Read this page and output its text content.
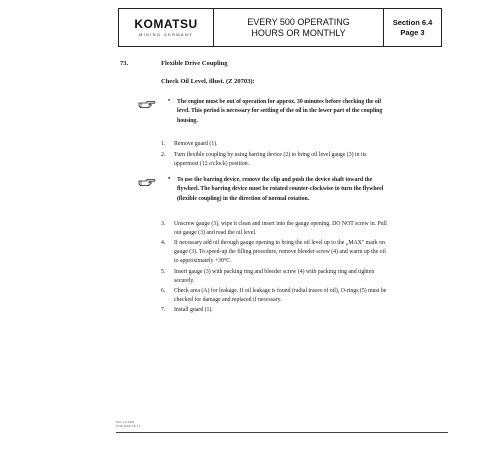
KOMATSU
MINING GERMANY
EVERY 500 OPERATING
HOURS OR MONTHLY
Section 6.4
Page 3
73.	Flexible Drive Coupling
Check Oil Level, illust. (Z 20703):
•	The engine must be out of operation for approx. 30 minutes before checking the oil level. This period is necessary for settling of the oil in the lower part of the coupling housing.
1.	Remove guard (1).
2.	Turn flexible coupling by using barring device (2) to bring oil level gauge (3) in its uppermost (12 o'clock) position.
•	To use the barring device, remove the clip and push the device shaft toward the flywheel. The barring device must be rotated counter-clockwise to turn the flywheel (flexible coupling) in the direction of normal rotation.
3.	Unscrew gauge (3), wipe it clean and insert into the gauge opening. DO NOT screw in. Pull out gauge (3) and read the oil level.
4.	If necessary add oil through gauge opening to bring the oil level up to the „MAX" mark on gauge (3). To speed-up the filling procedure, remove bleeder screw (4) and warm up the oil to approximately +30°C.
5.	Insert gauge (3) with packing ring and bleeder screw (4) with packing ring and tighten securely.
6.	Check area (A) for leakage. If oil leakage is found (radial traces of oil), O-rings (5) must be checked for damage and replaced if necessary.
7.	Install guard (1).
PC1 1.0.2004
H.SE 1000 1.5.1.1
